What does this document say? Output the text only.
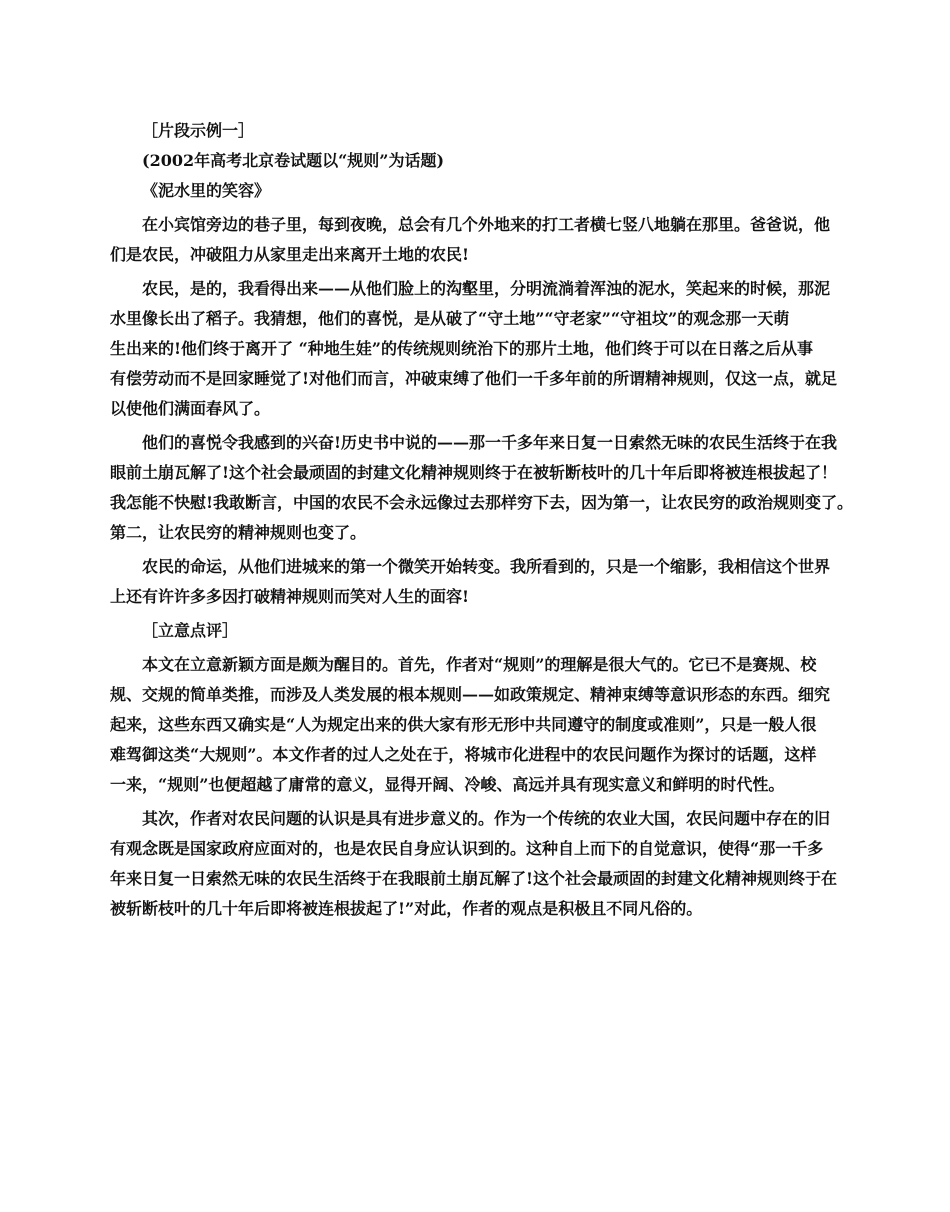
［片段示例一］
(2002年高考北京卷试题以“规则”为话题)
《泥水里的笑容》
在小宾馆旁边的巷子里，每到夜晚，总会有几个外地来的打工者横七竖八地躺在那里。爸爸说，他
们是农民，冲破阻力从家里走出来离开土地的农民!
农民，是的，我看得出来——从他们脸上的沟壑里，分明流淌着浑浊的泥水，笑起来的时候，那泥
水里像长出了稻子。我猜想，他们的喜悦，是从破了“守土地”“守老家”“守祖坟”的观念那一天萌
生出来的!他们终于离开了 “种地生娃”的传统规则统治下的那片土地，他们终于可以在日落之后从事
有偿劳动而不是回家睡觉了!对他们而言，冲破束缚了他们一千多年前的所谓精神规则，仅这一点，就足
以使他们满面春风了。
他们的喜悦令我感到的兴奋!历史书中说的——那一千多年来日复一日索然无味的农民生活终于在我
眼前土崩瓦解了!这个社会最顽固的封建文化精神规则终于在被斩断枝叶的几十年后即将被连根拔起了！
我怎能不快慰!我敢断言，中国的农民不会永远像过去那样穷下去，因为第一，让农民穷的政治规则变了。
第二，让农民穷的精神规则也变了。
农民的命运，从他们进城来的第一个微笑开始转变。我所看到的，只是一个缩影，我相信这个世界
上还有许许多多因打破精神规则而笑对人生的面容!
［立意点评］
本文在立意新颖方面是颇为醒目的。首先，作者对“规则”的理解是很大气的。它已不是赛规、校
规、交规的简单类推，而涉及人类发展的根本规则——如政策规定、精神束缚等意识形态的东西。细究
起来，这些东西又确实是“人为规定出来的供大家有形无形中共同遵守的制度或准则”，只是一般人很
难驾御这类“大规则”。本文作者的过人之处在于，将城市化进程中的农民问题作为探讨的话题，这样
一来，“规则”也便超越了庸常的意义，显得开阔、冷峻、高远并具有现实意义和鲜明的时代性。
其次，作者对农民问题的认识是具有进步意义的。作为一个传统的农业大国，农民问题中存在的旧
有观念既是国家政府应面对的，也是农民自身应认识到的。这种自上而下的自觉意识，使得“那一千多
年来日复一日索然无味的农民生活终于在我眼前土崩瓦解了!这个社会最顽固的封建文化精神规则终于在
被斩断枝叶的几十年后即将被连根拔起了!”对此，作者的观点是积极且不同凡俗的。
